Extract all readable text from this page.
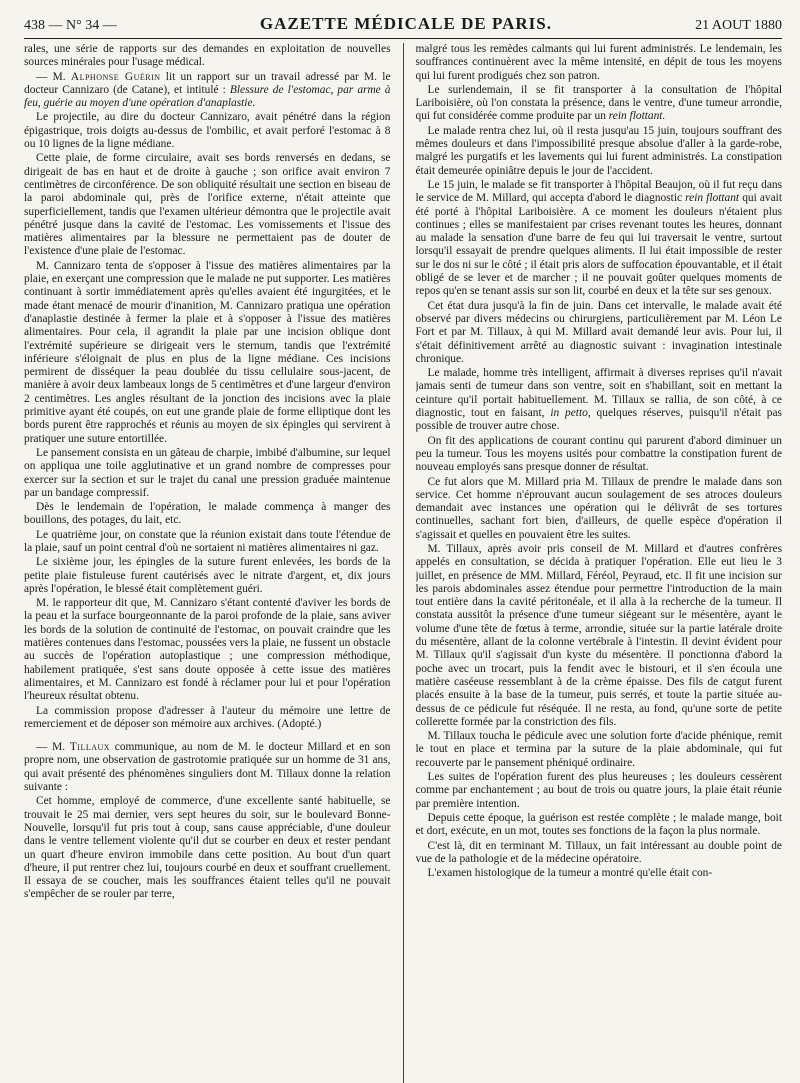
438 — N° 34 —	GAZETTE MÉDICALE DE PARIS.	21 AOUT 1880

rales, une série de rapports sur des demandes en exploitation de nouvelles sources minérales pour l'usage médical.

— M. Alphonse Guérin lit un rapport sur un travail adressé par M. le docteur Cannizaro (de Catane), et intitulé : Blessure de l'estomac, par arme à feu, guérie au moyen d'une opération d'anaplastie.

Le projectile, au dire du docteur Cannizaro, avait pénétré dans la région épigastrique, trois doigts au-dessus de l'ombilic, et avait perforé l'estomac à 8 ou 10 lignes de la ligne médiane.

Cette plaie, de forme circulaire, avait ses bords renversés en dedans, se dirigeait de bas en haut et de droite à gauche ; son orifice avait environ 7 centimètres de circonférence. De son obliquité résultait une section en biseau de la paroi abdominale qui, près de l'orifice externe, n'était atteinte que superficiellement, tandis que l'examen ultérieur démontra que le projectile avait pénétré jusque dans la cavité de l'estomac. Les vomissements et l'issue des matières alimentaires par la blessure ne permettaient pas de douter de l'existence d'une plaie de l'estomac.

M. Cannizaro tenta de s'opposer à l'issue des matières alimentaires par la plaie, en exerçant une compression que le malade ne put supporter. Les matières continuant à sortir immédiatement après qu'elles avaient été ingurgitées, et le made étant menacé de mourir d'inanition, M. Cannizaro pratiqua une opération d'anaplastie destinée à fermer la plaie et à s'opposer à l'issue des matières alimentaires. Pour cela, il agrandit la plaie par une incision oblique dont l'extrémité supérieure se dirigeait vers le sternum, tandis que l'extrémité inférieure s'éloignait de plus en plus de la ligne médiane. Ces incisions permirent de disséquer la peau doublée du tissu cellulaire sous-jacent, de manière à avoir deux lambeaux longs de 5 centimètres et d'une largeur d'environ 2 centimètres. Les angles résultant de la jonction des incisions avec la plaie primitive ayant été coupés, on eut une grande plaie de forme elliptique dont les bords purent être rapprochés et réunis au moyen de six épingles qui servirent à pratiquer une suture entortillée.

Le pansement consista en un gâteau de charpie, imbibé d'albumine, sur lequel on appliqua une toile agglutinative et un grand nombre de compresses pour exercer sur la section et sur le trajet du canal une pression graduée maintenue par un bandage compressif.

Dès le lendemain de l'opération, le malade commença à manger des bouillons, des potages, du lait, etc.

Le quatrième jour, on constate que la réunion existait dans toute l'étendue de la plaie, sauf un point central d'où ne sortaient ni matières alimentaires ni gaz.

Le sixième jour, les épingles de la suture furent enlevées, les bords de la petite plaie fistuleuse furent cautérisés avec le nitrate d'argent, et, dix jours après l'opération, le blessé était complètement guéri.

M. le rapporteur dit que, M. Cannizaro s'étant contenté d'aviver les bords de la peau et la surface bourgeonnante de la paroi profonde de la plaie, sans aviver les bords de la solution de continuité de l'estomac, on pouvait craindre que les matières contenues dans l'estomac, poussées vers la plaie, ne fussent un obstacle au succès de l'opération autoplastique ; une compression méthodique, habilement pratiquée, s'est sans doute opposée à cette issue des matières alimentaires, et M. Cannizaro est fondé à réclamer pour lui et pour l'opération l'heureux résultat obtenu.

La commission propose d'adresser à l'auteur du mémoire une lettre de remerciement et de déposer son mémoire aux archives. (Adopté.)

— M. Tillaux communique, au nom de M. le docteur Millard et en son propre nom, une observation de gastrotomie pratiquée sur un homme de 31 ans, qui avait présenté des phénomènes singuliers dont M. Tillaux donne la relation suivante :

Cet homme, employé de commerce, d'une excellente santé habituelle, se trouvait le 25 mai dernier, vers sept heures du soir, sur le boulevard Bonne-Nouvelle, lorsqu'il fut pris tout à coup, sans cause appréciable, d'une douleur dans le ventre tellement violente qu'il dut se courber en deux et rester pendant un quart d'heure environ immobile dans cette position. Au bout d'un quart d'heure, il put rentrer chez lui, toujours courbé en deux et souffrant cruellement. Il essaya de se coucher, mais les souffrances étaient telles qu'il ne pouvait s'empêcher de se rouler par terre,

malgré tous les remèdes calmants qui lui furent administrés. Le lendemain, les souffrances continuèrent avec la même intensité, en dépit de tous les moyens qui lui furent prodigués chez son patron.

Le surlendemain, il se fit transporter à la consultation de l'hôpital Lariboisière, où l'on constata la présence, dans le ventre, d'une tumeur arrondie, qui fut considérée comme produite par un rein flottant.

Le malade rentra chez lui, où il resta jusqu'au 15 juin, toujours souffrant des mêmes douleurs et dans l'impossibilité presque absolue d'aller à la garde-robe, malgré les purgatifs et les lavements qui lui furent administrés. La constipation était demeurée opiniâtre depuis le jour de l'accident.

Le 15 juin, le malade se fit transporter à l'hôpital Beaujon, où il fut reçu dans le service de M. Millard, qui accepta d'abord le diagnostic rein flottant qui avait été porté à l'hôpital Lariboisière. A ce moment les douleurs n'étaient plus continues ; elles se manifestaient par crises revenant toutes les heures, donnant au malade la sensation d'une barre de feu qui lui traversait le ventre, surtout lorsqu'il essayait de prendre quelques aliments. Il lui était impossible de rester sur le dos ni sur le côté ; il était pris alors de suffocation épouvantable, et il était obligé de se lever et de marcher ; il ne pouvait goûter quelques moments de repos qu'en se tenant assis sur son lit, courbé en deux et la tête sur ses genoux.

Cet état dura jusqu'à la fin de juin. Dans cet intervalle, le malade avait été observé par divers médecins ou chirurgiens, particulièrement par M. Léon Le Fort et par M. Tillaux, à qui M. Millard avait demandé leur avis. Pour lui, il s'était définitivement arrêté au diagnostic suivant : invagination intestinale chronique.

Le malade, homme très intelligent, affirmait à diverses reprises qu'il n'avait jamais senti de tumeur dans son ventre, soit en s'habillant, soit en mettant la ceinture qu'il portait habituellement. M. Tillaux se rallia, de son côté, à ce diagnostic, tout en faisant, in petto, quelques réserves, puisqu'il n'était pas possible de trouver autre chose.

On fit des applications de courant continu qui parurent d'abord diminuer un peu la tumeur. Tous les moyens usités pour combattre la constipation furent de nouveau employés sans presque donner de résultat.

Ce fut alors que M. Millard pria M. Tillaux de prendre le malade dans son service. Cet homme n'éprouvant aucun soulagement de ses atroces douleurs demandait avec instances une opération qui le délivrât de ses tortures continuelles, sachant fort bien, d'ailleurs, de quelle espèce d'opération il s'agissait et quelles en pouvaient être les suites.

M. Tillaux, après avoir pris conseil de M. Millard et d'autres confrères appelés en consultation, se décida à pratiquer l'opération. Elle eut lieu le 3 juillet, en présence de MM. Millard, Féréol, Peyraud, etc. Il fit une incision sur les parois abdominales assez étendue pour permettre l'introduction de la main tout entière dans la cavité péritonéale, et il alla à la recherche de la tumeur. Il constata aussitôt la présence d'une tumeur siégeant sur le mésentère, ayant le volume d'une tête de fœtus à terme, arrondie, située sur la partie latérale droite du mésentère, allant de la colonne vertébrale à l'intestin. Il devint évident pour M. Tillaux qu'il s'agissait d'un kyste du mésentère. Il ponctionna d'abord la poche avec un trocart, puis la fendit avec le bistouri, et il s'en écoula une matière caséeuse ressemblant à de la crème épaisse. Des fils de catgut furent placés ensuite à la base de la tumeur, puis serrés, et toute la partie située au-dessus de ce pédicule fut réséquée. Il ne resta, au fond, qu'une sorte de petite collerette formée par la constriction des fils.

M. Tillaux toucha le pédicule avec une solution forte d'acide phénique, remit le tout en place et termina par la suture de la plaie abdominale, qui fut recouverte par le pansement phéniqué ordinaire.

Les suites de l'opération furent des plus heureuses ; les douleurs cessèrent comme par enchantement ; au bout de trois ou quatre jours, la plaie était réunie par première intention.

Depuis cette époque, la guérison est restée complète ; le malade mange, boit et dort, exécute, en un mot, toutes ses fonctions de la façon la plus normale.

C'est là, dit en terminant M. Tillaux, un fait intéressant au double point de vue de la pathologie et de la médecine opératoire.

L'examen histologique de la tumeur a montré qu'elle était con-
